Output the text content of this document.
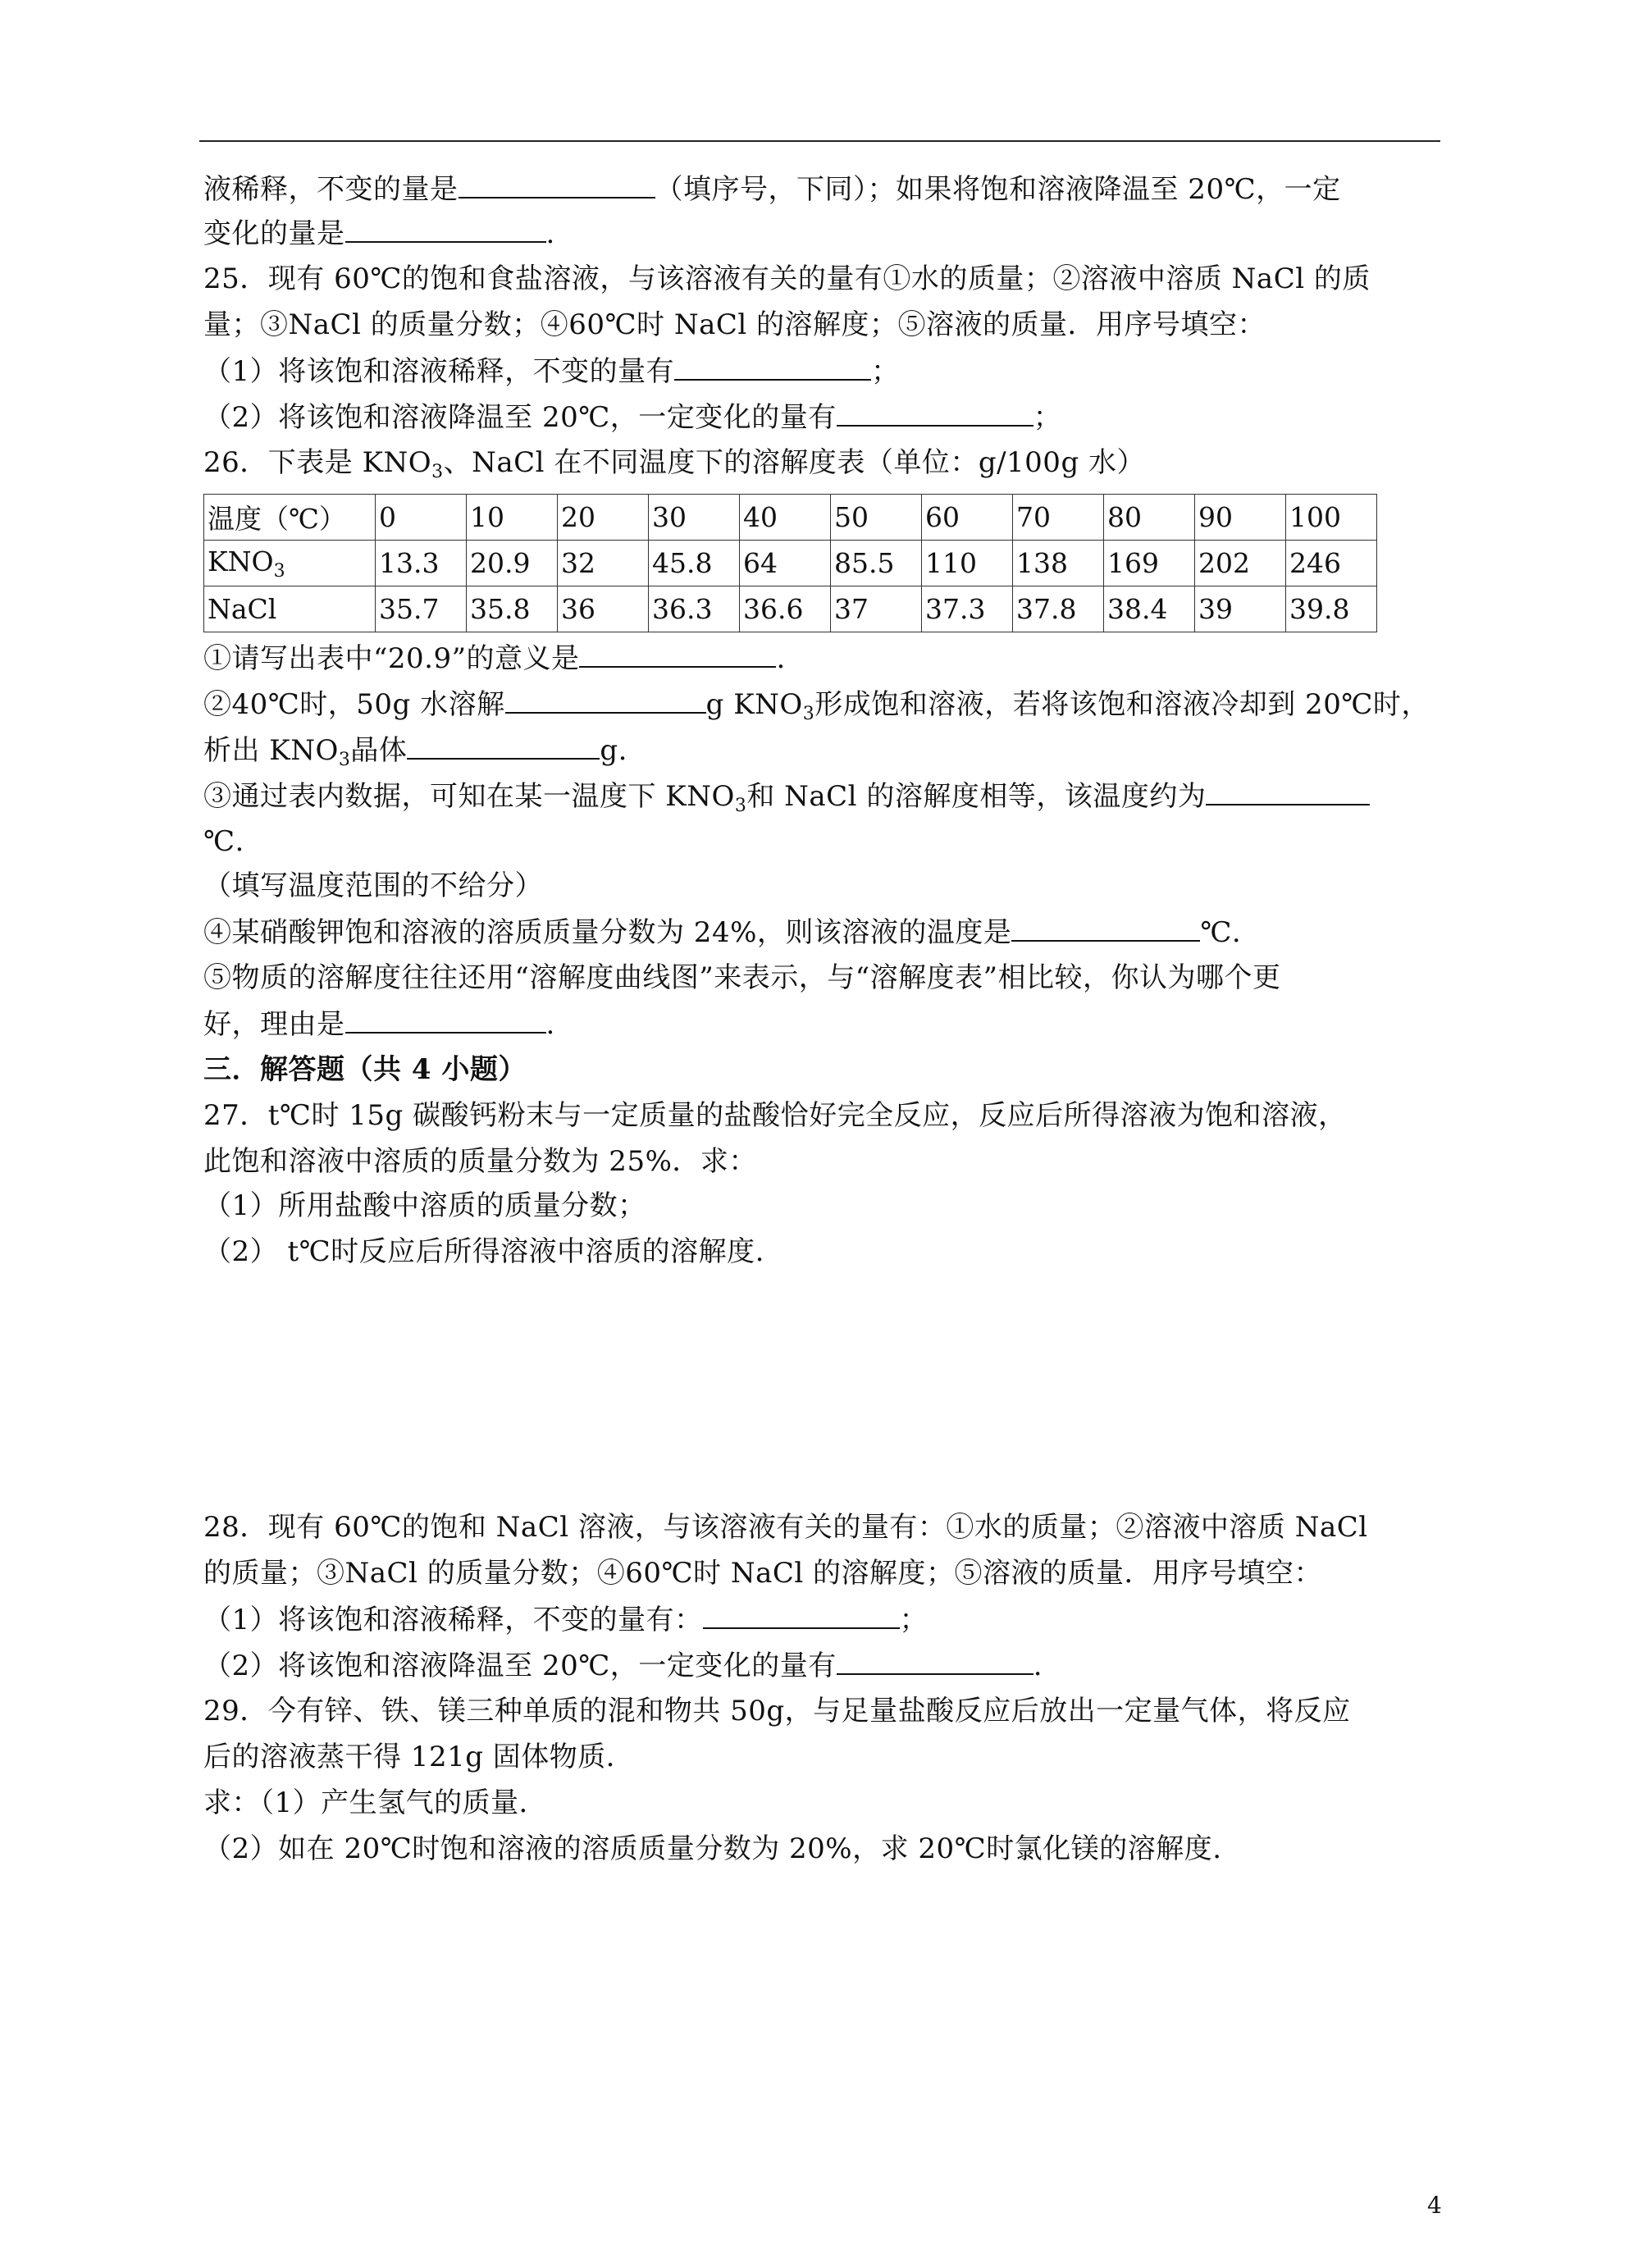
液稀释，不变的量是	（填序号，下同）；如果将饱和溶液降温至 20℃，一定
变化的量是	.
25．现有 60℃的饱和食盐溶液，与该溶液有关的量有①水的质量；②溶液中溶质 NaCl 的质
量；③NaCl 的质量分数；④60℃时 NaCl 的溶解度；⑤溶液的质量．用序号填空：
（1）将该饱和溶液稀释，不变的量有	；
（2）将该饱和溶液降温至 20℃，一定变化的量有	；
26．下表是 $KNO_3$、NaCl 在不同温度下的溶解度表（单位：g/100g 水）
温度（℃）	0	10	20	30	40	50	60	70	80	90	100
$KNO_3$	13.3	20.9	32	45.8	64	85.5	110	138	169	202	246
NaCl	35.7	35.8	36	36.3	36.6	37	37.3	37.8	38.4	39	39.8
①请写出表中“20.9”的意义是	.
②40℃时，50g 水溶解	g $KNO_3$形成饱和溶液，若将该饱和溶液冷却到 20℃时，
析出 $KNO_3$晶体	g.
③通过表内数据，可知在某一温度下 $KNO_3$和 NaCl 的溶解度相等，该温度约为
℃.
（填写温度范围的不给分）
④某硝酸钾饱和溶液的溶质质量分数为 24%，则该溶液的温度是	℃.
⑤物质的溶解度往往还用“溶解度曲线图”来表示，与“溶解度表”相比较，你认为哪个更
好，理由是	.
三．解答题（共 4 小题）
27．t℃时 15g 碳酸钙粉末与一定质量的盐酸恰好完全反应，反应后所得溶液为饱和溶液，
此饱和溶液中溶质的质量分数为 25%．求：
（1）所用盐酸中溶质的质量分数；
（2） t℃时反应后所得溶液中溶质的溶解度.
28．现有 60℃的饱和 NaCl 溶液，与该溶液有关的量有：①水的质量；②溶液中溶质 NaCl
的质量；③NaCl 的质量分数；④60℃时 NaCl 的溶解度；⑤溶液的质量．用序号填空：
（1）将该饱和溶液稀释，不变的量有：	；
（2）将该饱和溶液降温至 20℃，一定变化的量有	.
29．今有锌、铁、镁三种单质的混和物共 50g，与足量盐酸反应后放出一定量气体，将反应
后的溶液蒸干得 121g 固体物质．
求：（1）产生氢气的质量．
（2）如在 20℃时饱和溶液的溶质质量分数为 20%，求 20℃时氯化镁的溶解度.
4
